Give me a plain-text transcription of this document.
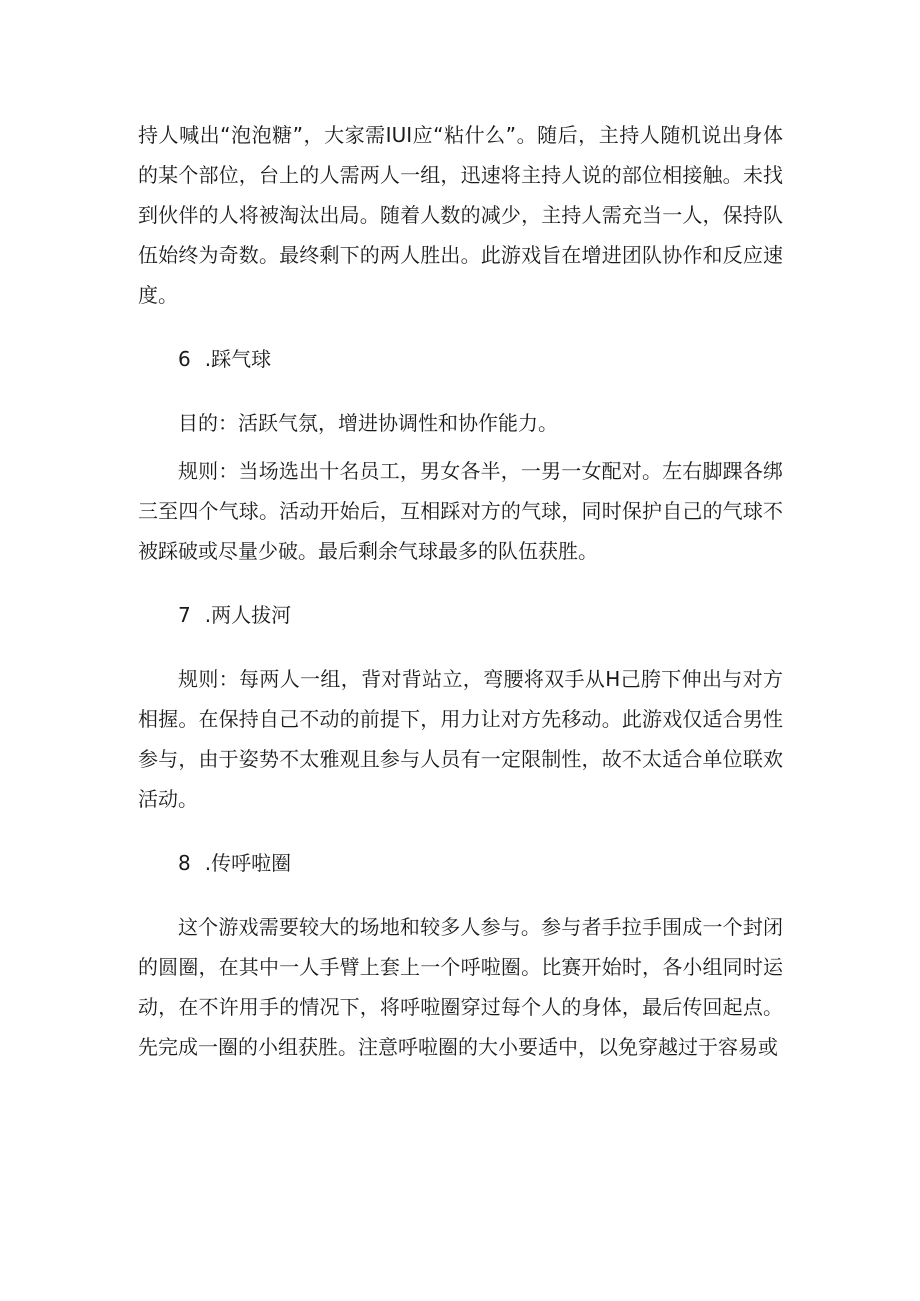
持人喊出“泡泡糖”，大家需IUI应“粘什么”。随后，主持人随机说出身体的某个部位，台上的人需两人一组，迅速将主持人说的部位相接触。未找到伙伴的人将被淘汰出局。随着人数的减少，主持人需充当一人，保持队伍始终为奇数。最终剩下的两人胜出。此游戏旨在增进团队协作和反应速度。

6 .踩气球

目的：活跃气氛，增进协调性和协作能力。

规则：当场选出十名员工，男女各半，一男一女配对。左右脚踝各绑三至四个气球。活动开始后，互相踩对方的气球，同时保护自己的气球不被踩破或尽量少破。最后剩余气球最多的队伍获胜。

7 .两人拔河

规则：每两人一组，背对背站立，弯腰将双手从H己胯下伸出与对方相握。在保持自己不动的前提下，用力让对方先移动。此游戏仅适合男性参与，由于姿势不太雅观且参与人员有一定限制性，故不太适合单位联欢活动。

8 .传呼啦圈

这个游戏需要较大的场地和较多人参与。参与者手拉手围成一个封闭的圆圈，在其中一人手臂上套上一个呼啦圈。比赛开始时，各小组同时运动，在不许用手的情况下，将呼啦圈穿过每个人的身体，最后传回起点。先完成一圈的小组获胜。注意呼啦圈的大小要适中，以免穿越过于容易或
